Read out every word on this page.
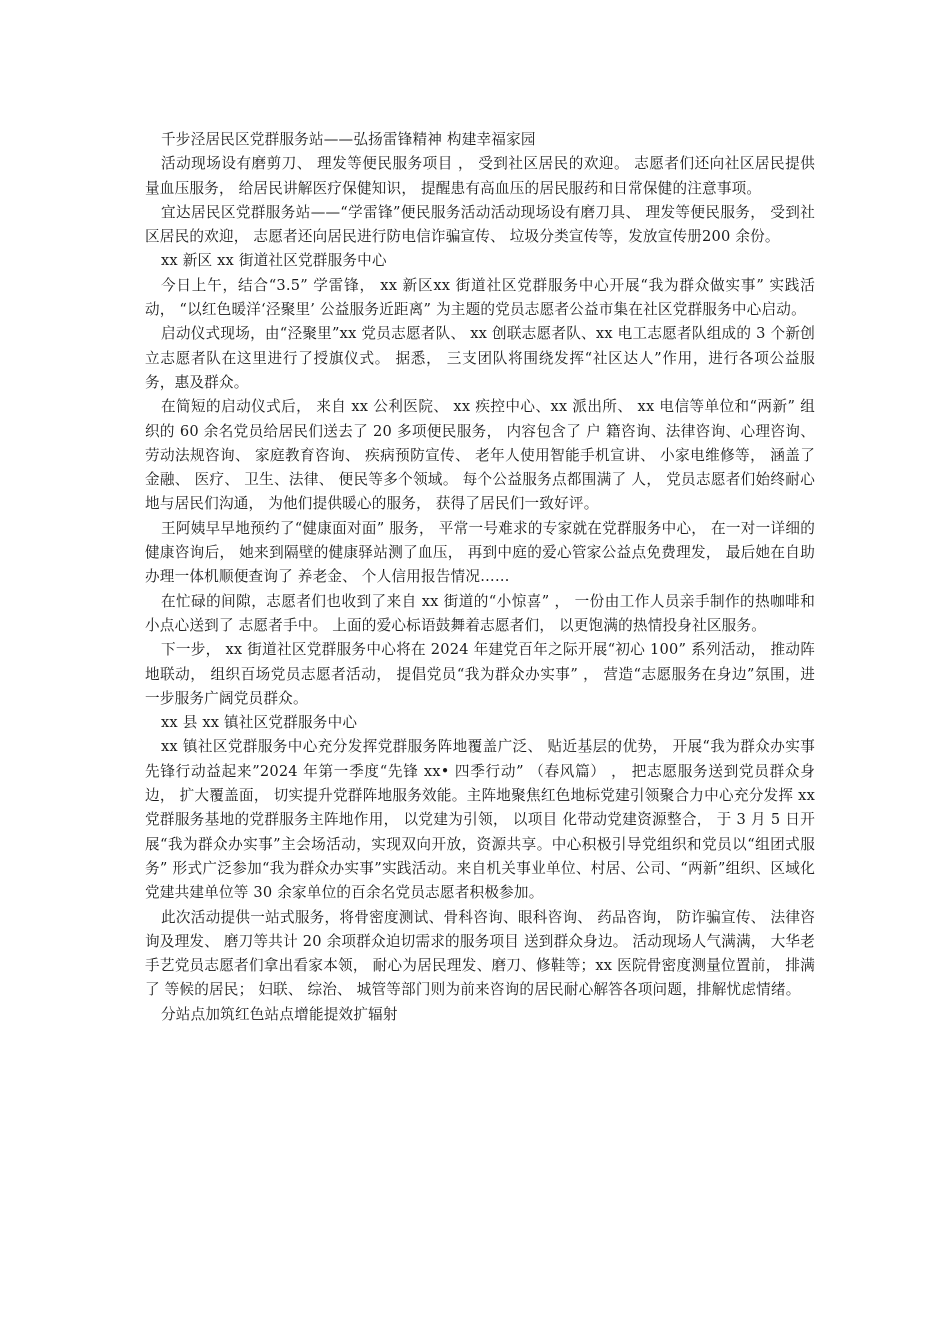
千步泾居民区党群服务站——弘扬雷锋精神 构建幸福家园

活动现场设有磨剪刀、 理发等便民服务项目 ， 受到社区居民的欢迎。 志愿者们还向社区居民提供量血压服务， 给居民讲解医疗保健知识， 提醒患有高血压的居民服药和日常保健的注意事项。

宜达居民区党群服务站——“学雷锋”便民服务活动活动现场设有磨刀具、 理发等便民服务， 受到社区居民的欢迎， 志愿者还向居民进行防电信诈骗宣传、 垃圾分类宣传等，发放宣传册200 余份。

xx 新区 xx 街道社区党群服务中心

今日上午，结合“3.5” 学雷锋， xx 新区xx 街道社区党群服务中心开展“我为群众做实事” 实践活动， “以红色暖洋‘泾聚里’ 公益服务近距离” 为主题的党员志愿者公益市集在社区党群服务中心启动。

启动仪式现场，由“泾聚里”xx 党员志愿者队、 xx 创联志愿者队、xx 电工志愿者队组成的 3 个新创立志愿者队在这里进行了授旗仪式。 据悉， 三支团队将围绕发挥“社区达人”作用，进行各项公益服务，惠及群众。

在简短的启动仪式后， 来自 xx 公利医院、 xx 疾控中心、xx 派出所、 xx 电信等单位和“两新” 组织的 60 余名党员给居民们送去了 20 多项便民服务， 内容包含了 户 籍咨询、法律咨询、心理咨询、 劳动法规咨询、 家庭教育咨询、 疾病预防宣传、 老年人使用智能手机宣讲、 小家电维修等， 涵盖了 金融、 医疗、 卫生、法律、 便民等多个领域。 每个公益服务点都围满了 人， 党员志愿者们始终耐心地与居民们沟通， 为他们提供暖心的服务， 获得了居民们一致好评。

王阿姨早早地预约了“健康面对面” 服务， 平常一号难求的专家就在党群服务中心， 在一对一详细的健康咨询后， 她来到隔壁的健康驿站测了血压， 再到中庭的爱心管家公益点免费理发， 最后她在自助办理一体机顺便查询了 养老金、 个人信用报告情况……

在忙碌的间隙，志愿者们也收到了来自 xx 街道的“小惊喜” ， 一份由工作人员亲手制作的热咖啡和小点心送到了 志愿者手中。 上面的爱心标语鼓舞着志愿者们， 以更饱满的热情投身社区服务。

下一步， xx 街道社区党群服务中心将在 2024 年建党百年之际开展“初心 100” 系列活动， 推动阵地联动， 组织百场党员志愿者活动， 提倡党员“我为群众办实事” ， 营造“志愿服务在身边”氛围，进一步服务广阔党员群众。

xx 县 xx 镇社区党群服务中心

xx 镇社区党群服务中心充分发挥党群服务阵地覆盖广泛、 贴近基层的优势， 开展“我为群众办实事 先锋行动益起来”2024 年第一季度“先锋 xx• 四季行动” （春风篇） ， 把志愿服务送到党员群众身边， 扩大覆盖面， 切实提升党群阵地服务效能。主阵地聚焦红色地标党建引领聚合力中心充分发挥 xx 党群服务基地的党群服务主阵地作用， 以党建为引领， 以项目 化带动党建资源整合， 于 3 月 5 日开展“我为群众办实事”主会场活动，实现双向开放，资源共享。中心积极引导党组织和党员以“组团式服务” 形式广泛参加“我为群众办实事”实践活动。来自机关事业单位、村居、公司、“两新”组织、区域化党建共建单位等 30 余家单位的百余名党员志愿者积极参加。

此次活动提供一站式服务，将骨密度测试、骨科咨询、眼科咨询、 药品咨询， 防诈骗宣传、 法律咨询及理发、 磨刀等共计 20 余项群众迫切需求的服务项目 送到群众身边。 活动现场人气满满， 大华老手艺党员志愿者们拿出看家本领， 耐心为居民理发、磨刀、修鞋等；xx 医院骨密度测量位置前， 排满了 等候的居民； 妇联、 综治、 城管等部门则为前来咨询的居民耐心解答各项问题，排解忧虑情绪。

分站点加筑红色站点增能提效扩辐射
